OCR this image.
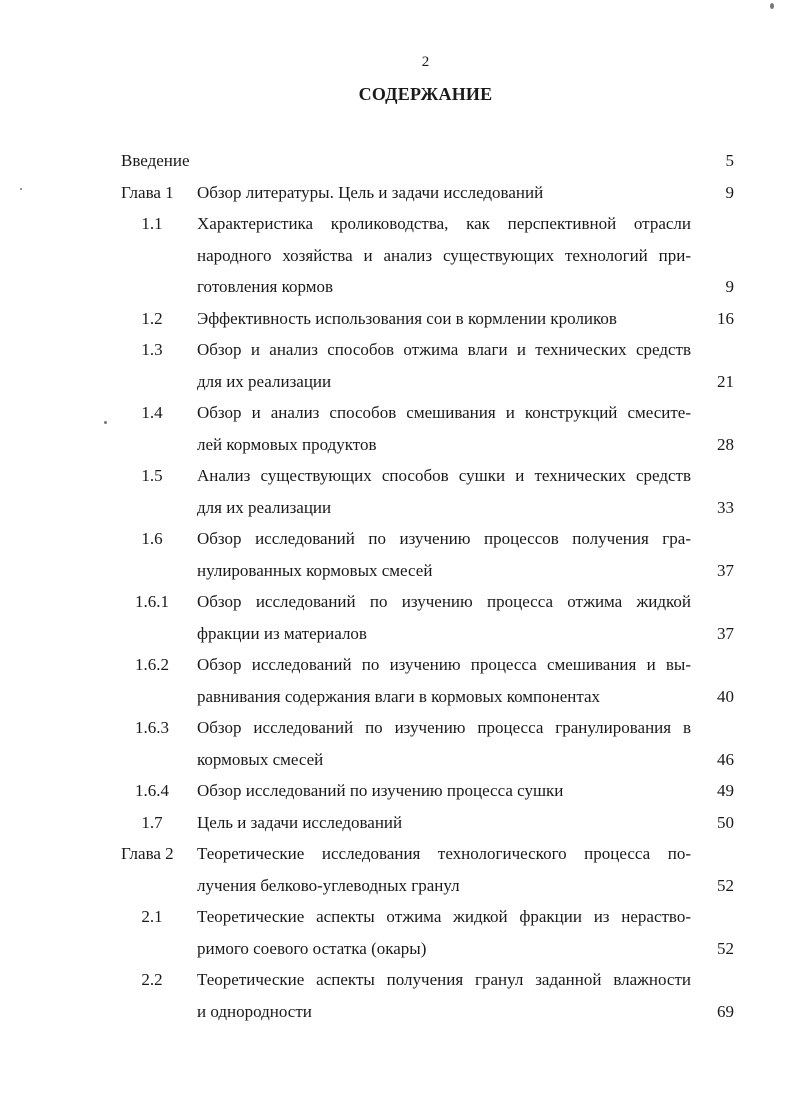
2
СОДЕРЖАНИЕ
Введение	5
Глава 1	Обзор литературы. Цель и задачи исследований	9
1.1	Характеристика кролиководства, как перспективной отрасли
народного хозяйства и анализ существующих технологий при-
готовления кормов	9
1.2	Эффективность использования сои в кормлении кроликов	16
1.3	Обзор и анализ способов отжима влаги и технических средств
для их реализации	21
1.4	Обзор и анализ способов смешивания и конструкций смесите-
лей кормовых продуктов	28
1.5	Анализ существующих способов сушки и технических средств
для их реализации	33
1.6	Обзор исследований по изучению процессов получения гра-
нулированных кормовых смесей	37
1.6.1	Обзор исследований по изучению процесса отжима жидкой
фракции из материалов	37
1.6.2	Обзор исследований по изучению процесса смешивания и вы-
равнивания содержания влаги в кормовых компонентах	40
1.6.3	Обзор исследований по изучению процесса гранулирования в
кормовых смесей	46
1.6.4	Обзор исследований по изучению процесса сушки	49
1.7	Цель и задачи исследований	50
Глава 2	Теоретические исследования технологического процесса по-
лучения белково-углеводных гранул	52
2.1	Теоретические аспекты отжима жидкой фракции из нераство-
римого соевого остатка (окары)	52
2.2	Теоретические аспекты получения гранул заданной влажности
и однородности	69
